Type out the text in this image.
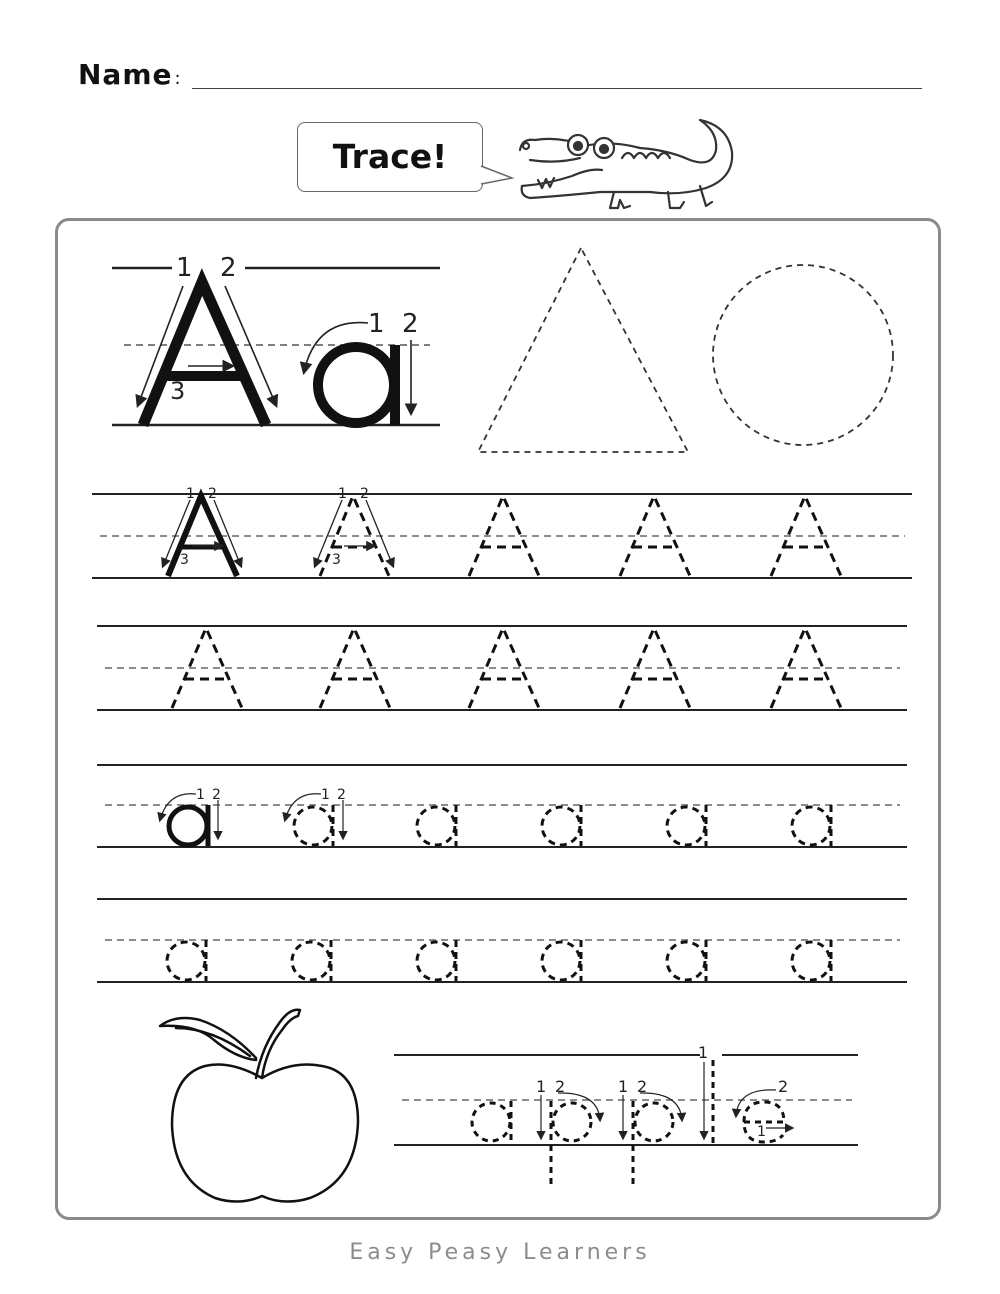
Name :
Trace!
1 2
3
1 2
1 2
3
1 2
3
1 2	1 2
1 2	1 2
1
2
1
Easy Peasy Learners
